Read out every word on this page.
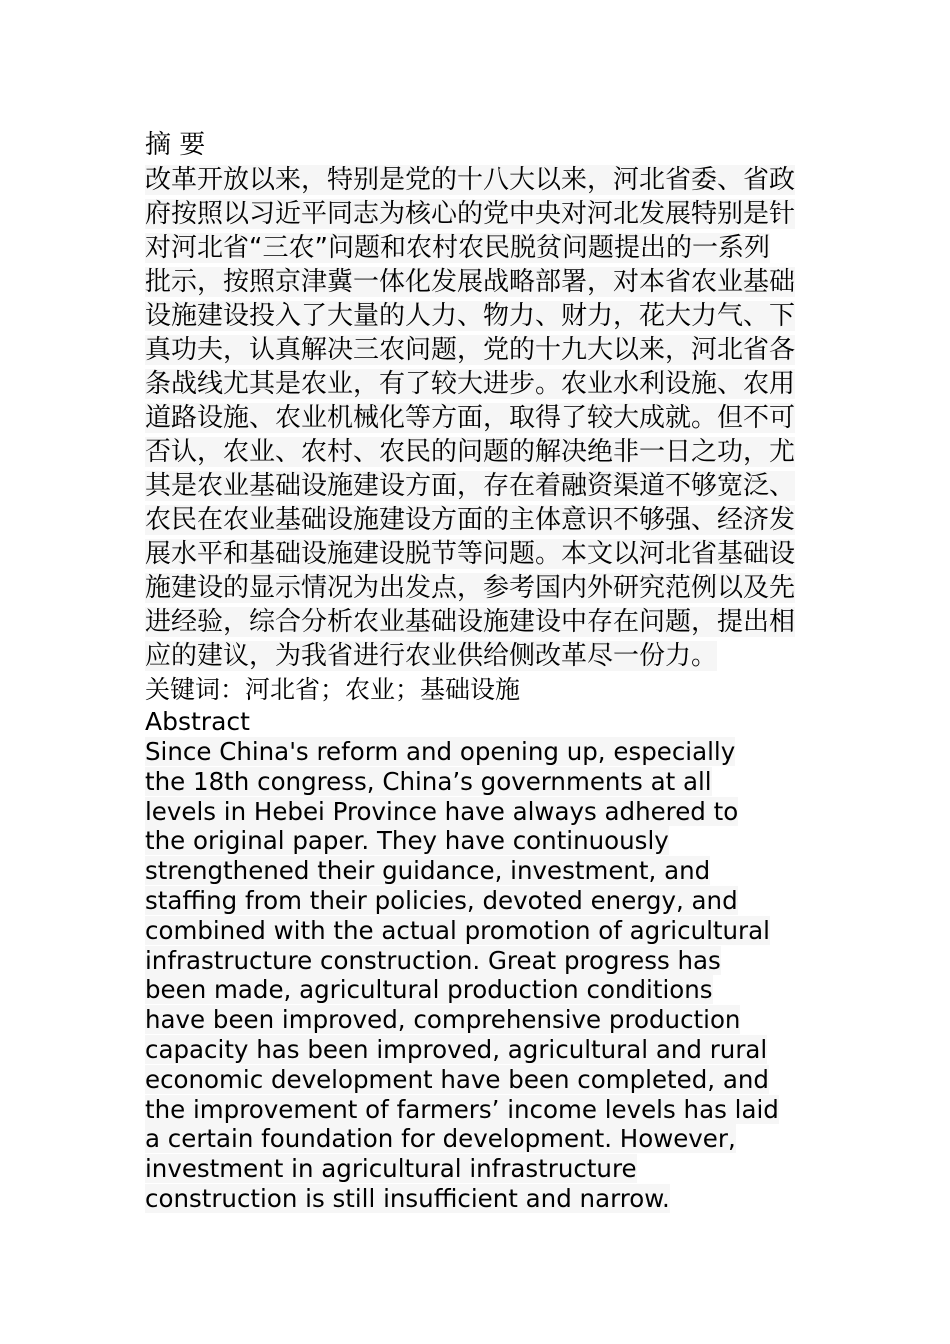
摘 要
改革开放以来，特别是党的十八大以来，河北省委、省政
府按照以习近平同志为核心的党中央对河北发展特别是针
对河北省“三农”问题和农村农民脱贫问题提出的一系列
批示，按照京津冀一体化发展战略部署，对本省农业基础
设施建设投入了大量的人力、物力、财力，花大力气、下
真功夫，认真解决三农问题，党的十九大以来，河北省各
条战线尤其是农业，有了较大进步。农业水利设施、农用
道路设施、农业机械化等方面，取得了较大成就。但不可
否认，农业、农村、农民的问题的解决绝非一日之功，尤
其是农业基础设施建设方面，存在着融资渠道不够宽泛、
农民在农业基础设施建设方面的主体意识不够强、经济发
展水平和基础设施建设脱节等问题。本文以河北省基础设
施建设的显示情况为出发点，参考国内外研究范例以及先
进经验，综合分析农业基础设施建设中存在问题，提出相
应的建议，为我省进行农业供给侧改革尽一份力。
关键词：河北省；农业；基础设施
Abstract
Since China's reform and opening up, especially
the 18th congress, China’s governments at all
levels in Hebei Province have always adhered to
the original paper. They have continuously
strengthened their guidance, investment, and
staffing from their policies, devoted energy, and
combined with the actual promotion of agricultural
infrastructure construction. Great progress has
been made, agricultural production conditions
have been improved, comprehensive production
capacity has been improved, agricultural and rural
economic development have been completed, and
the improvement of farmers’ income levels has laid
a certain foundation for development. However,
investment in agricultural infrastructure
construction is still insufficient and narrow.
